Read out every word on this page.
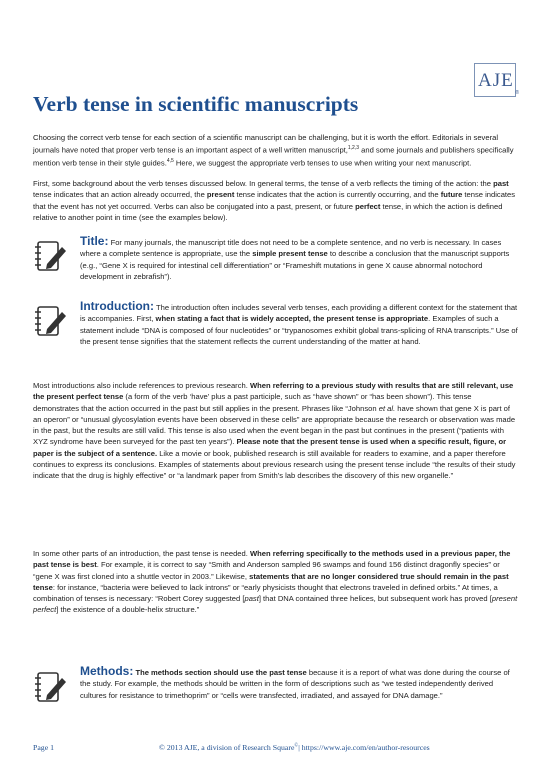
AJE
®
Verb tense in scientific manuscripts

Choosing the correct verb tense for each section of a scientific manuscript can be challenging, but it is worth the effort. Editorials in several journals have noted that proper verb tense is an important aspect of a well written manuscript,$^{1,2,3}$ and some journals and publishers specifically mention verb tense in their style guides.$^{4,5}$ Here, we suggest the appropriate verb tenses to use when writing your next manuscript.

First, some background about the verb tenses discussed below. In general terms, the tense of a verb reflects the timing of the action: the past tense indicates that an action already occurred, the present tense indicates that the action is currently occurring, and the future tense indicates that the event has not yet occurred. Verbs can also be conjugated into a past, present, or future perfect tense, in which the action is defined relative to another point in time (see the examples below).

Title: For many journals, the manuscript title does not need to be a complete sentence, and no verb is necessary. In cases where a complete sentence is appropriate, use the simple present tense to describe a conclusion that the manuscript supports (e.g., “Gene X is required for intestinal cell differentiation” or “Frameshift mutations in gene X cause abnormal notochord development in zebrafish”).

Introduction: The introduction often includes several verb tenses, each providing a different context for the statement that is accompanies. First, when stating a fact that is widely accepted, the present tense is appropriate. Examples of such a statement include “DNA is composed of four nucleotides” or “trypanosomes exhibit global trans-splicing of RNA transcripts.” Use of the present tense signifies that the statement reflects the current understanding of the matter at hand.

Most introductions also include references to previous research. When referring to a previous study with results that are still relevant, use the present perfect tense (a form of the verb ‘have’ plus a past participle, such as “have shown” or “has been shown”). This tense demonstrates that the action occurred in the past but still applies in the present. Phrases like “Johnson et al. have shown that gene X is part of an operon” or “unusual glycosylation events have been observed in these cells” are appropriate because the research or observation was made in the past, but the results are still valid. This tense is also used when the event began in the past but continues in the present (“patients with XYZ syndrome have been surveyed for the past ten years”). Please note that the present tense is used when a specific result, figure, or paper is the subject of a sentence. Like a movie or book, published research is still available for readers to examine, and a paper therefore continues to express its conclusions. Examples of statements about previous research using the present tense include “the results of their study indicate that the drug is highly effective” or “a landmark paper from Smith’s lab describes the discovery of this new organelle.”

In some other parts of an introduction, the past tense is needed. When referring specifically to the methods used in a previous paper, the past tense is best. For example, it is correct to say “Smith and Anderson sampled 96 swamps and found 156 distinct dragonfly species” or “gene X was first cloned into a shuttle vector in 2003.” Likewise, statements that are no longer considered true should remain in the past tense: for instance, “bacteria were believed to lack introns” or “early physicists thought that electrons traveled in defined orbits.” At times, a combination of tenses is necessary: “Robert Corey suggested [past] that DNA contained three helices, but subsequent work has proved [present perfect] the existence of a double-helix structure.”

Methods: The methods section should use the past tense because it is a report of what was done during the course of the study. For example, the methods should be written in the form of descriptions such as “we tested independently derived cultures for resistance to trimethoprim” or “cells were transfected, irradiated, and assayed for DNA damage.”

Page 1	© 2013 AJE, a division of Research Square©| https://www.aje.com/en/author-resources
